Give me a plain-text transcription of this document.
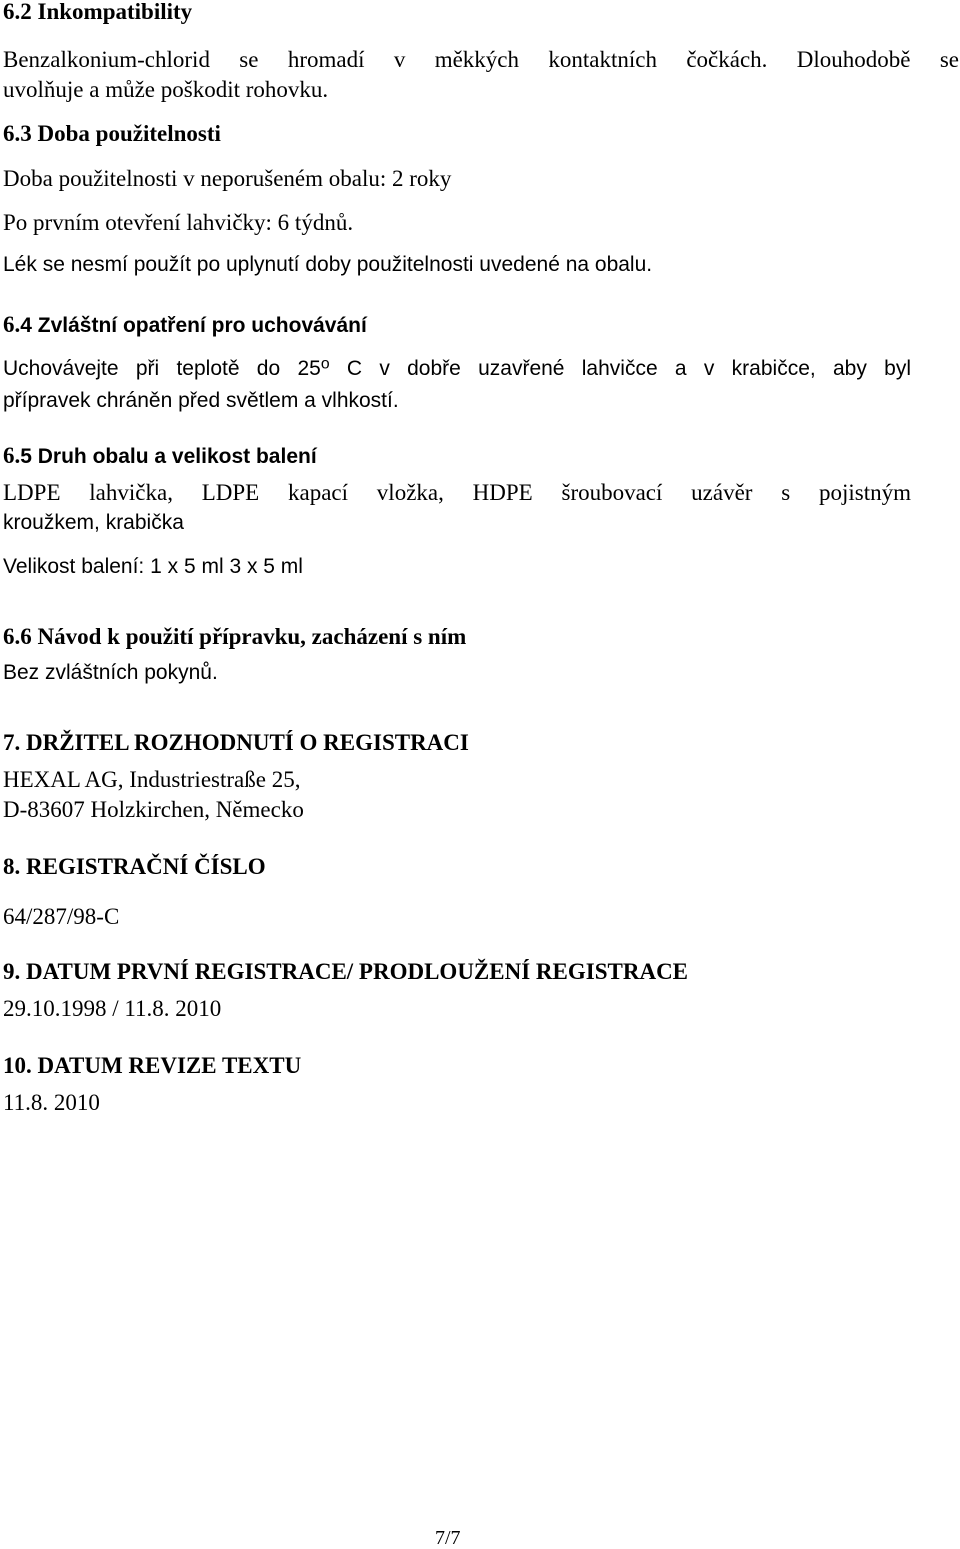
6.2 Inkompatibility

Benzalkonium-chlorid se hromadí v měkkých kontaktních čočkách. Dlouhodobě se

uvolňuje a může poškodit rohovku.

6.3 Doba použitelnosti

Doba použitelnosti v neporušeném obalu: 2 roky

Po prvním otevření lahvičky: 6 týdnů.

Lék se nesmí použít po uplynutí doby použitelnosti uvedené na obalu.

6.4 Zvláštní opatření pro uchovávání

Uchovávejte při teplotě do 25$^o$ C v dobře uzavřené lahvičce a v krabičce, aby byl

přípravek chráněn před světlem a vlhkostí.

6.5 Druh obalu a velikost balení

LDPE lahvička, LDPE kapací vložka, HDPE šroubovací uzávěr s pojistným

kroužkem, krabička

Velikost balení: 1 x 5 ml 3 x 5 ml

6.6 Návod k použití přípravku, zacházení s ním

Bez zvláštních pokynů.

7. DRŽITEL ROZHODNUTÍ O REGISTRACI

HEXAL AG, Industriestraße 25,

D-83607 Holzkirchen, Německo

8. REGISTRAČNÍ ČÍSLO

64/287/98-C

9. DATUM PRVNÍ REGISTRACE/ PRODLOUŽENÍ REGISTRACE

29.10.1998 / 11.8. 2010

10. DATUM REVIZE TEXTU

11.8. 2010

7/7
